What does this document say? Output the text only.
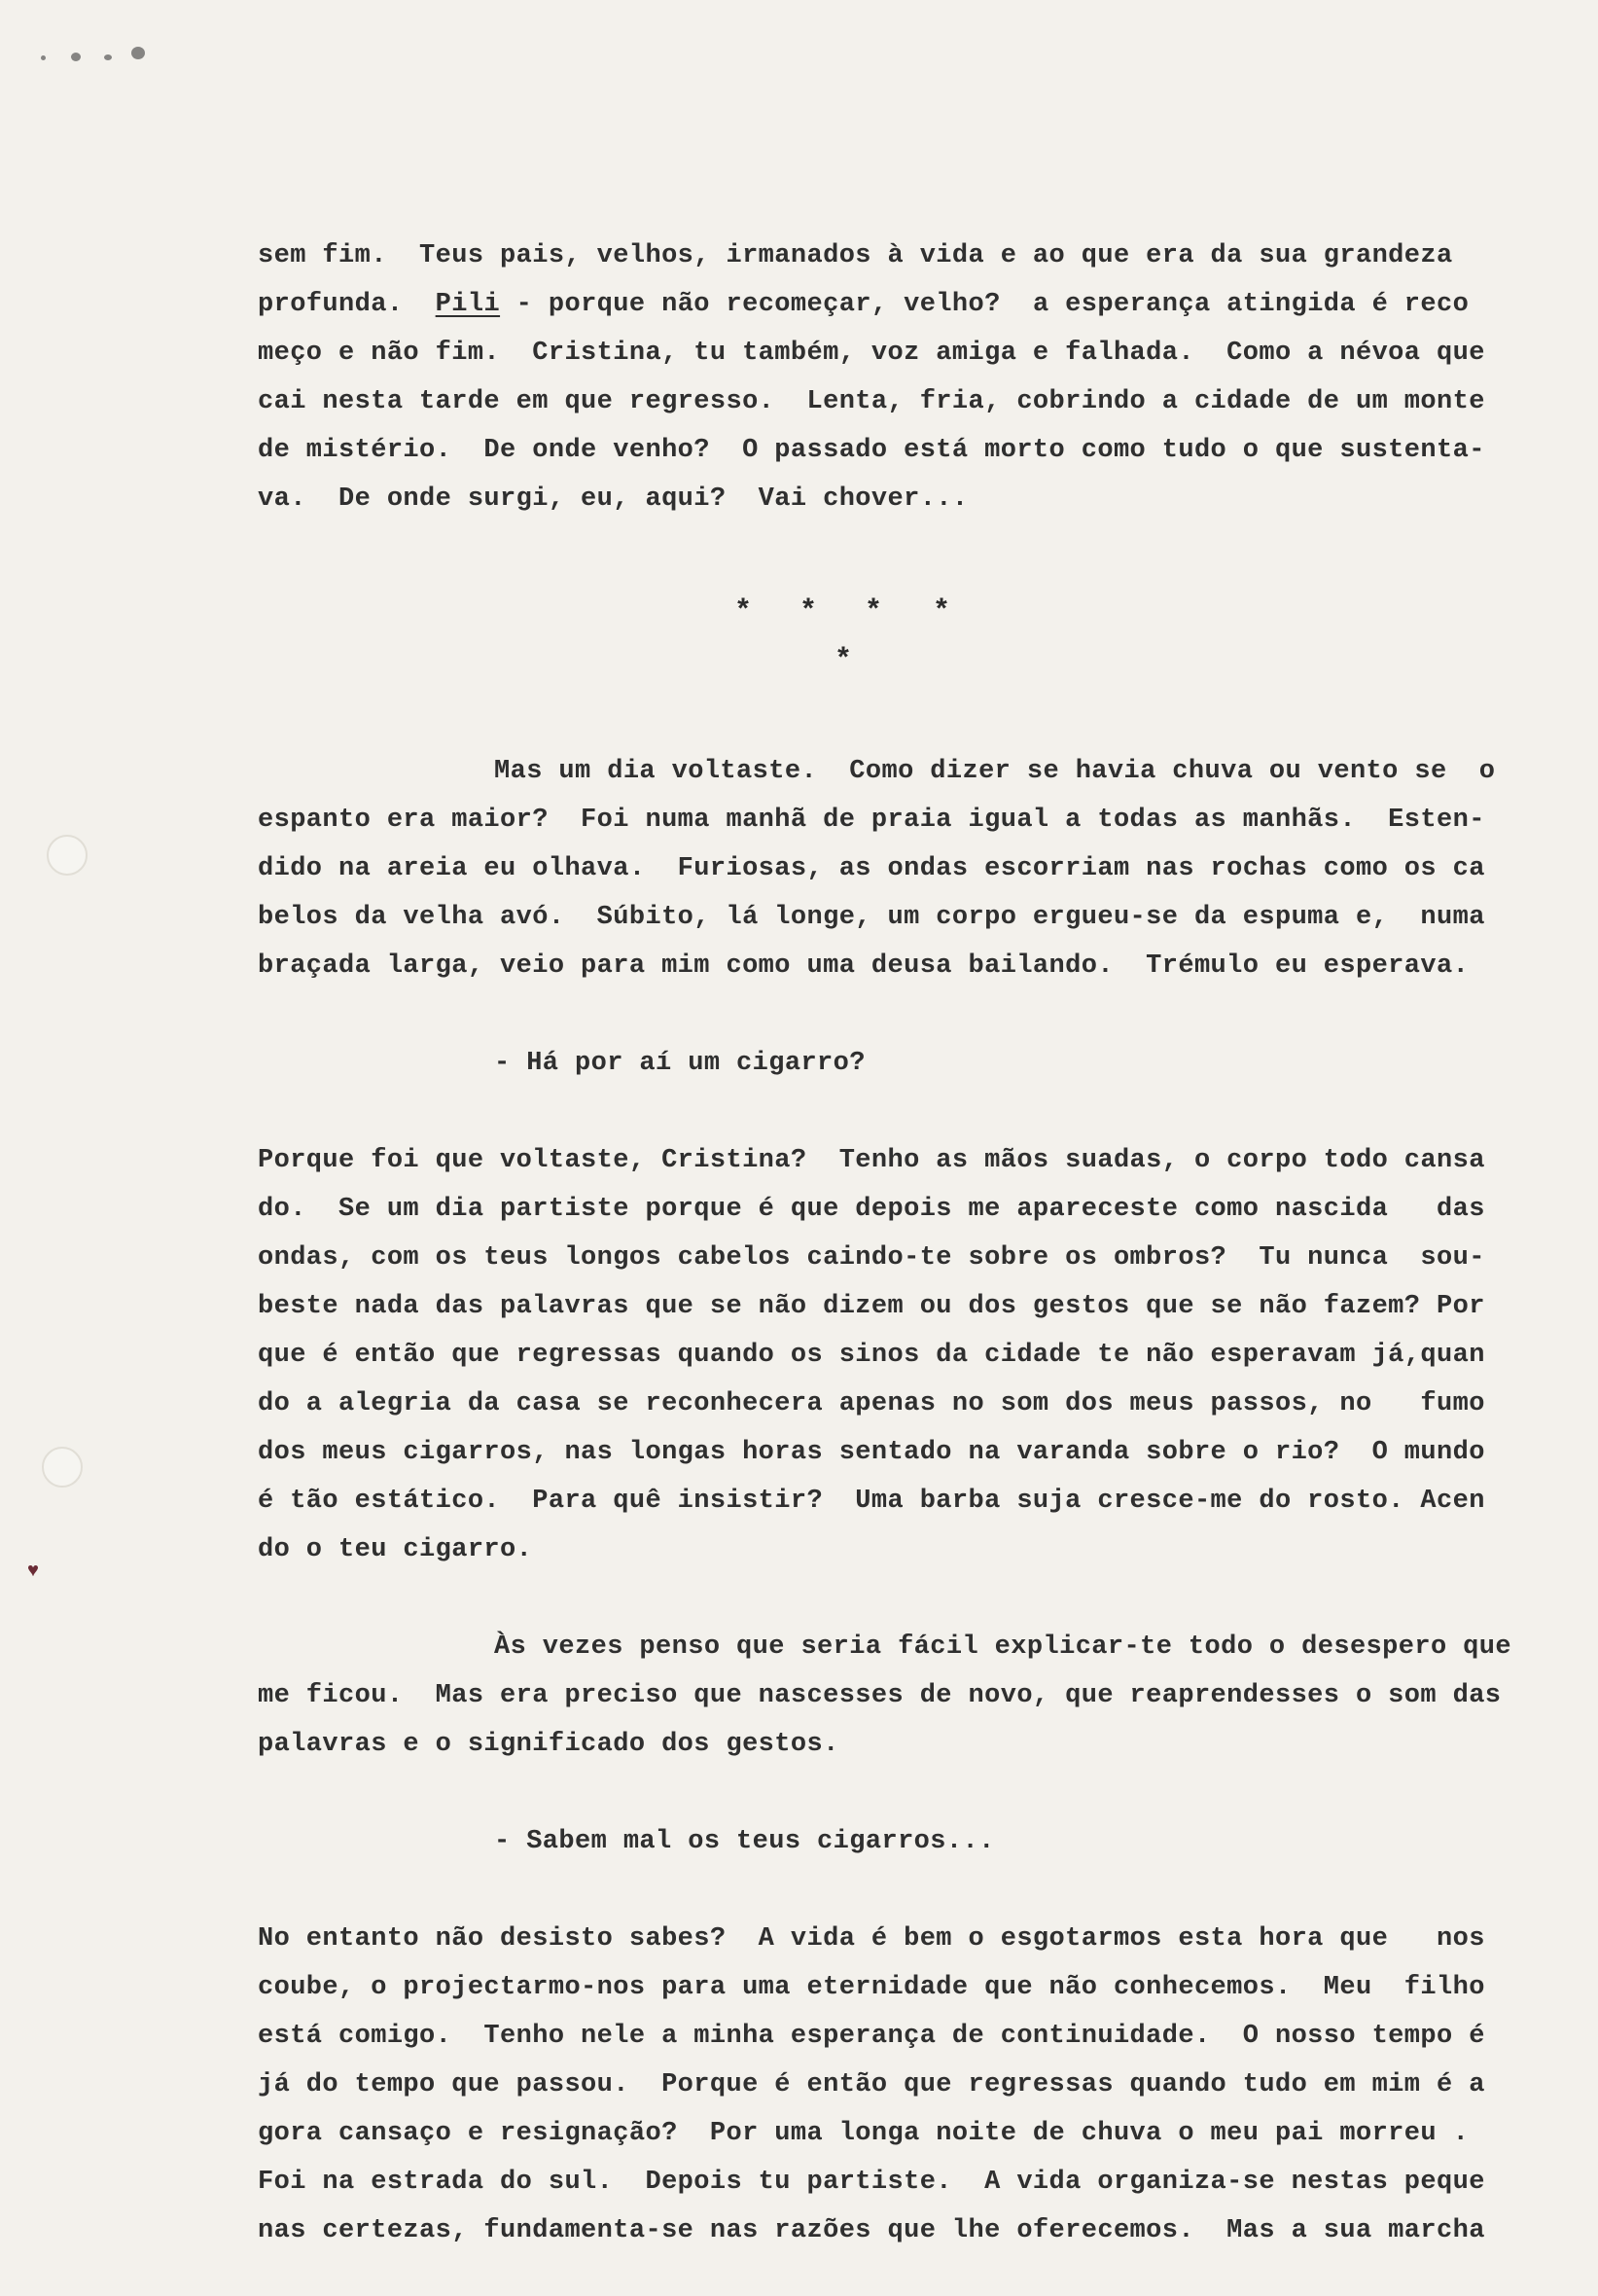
♥
sem fim.  Teus pais, velhos, irmanados à vida e ao que era da sua grandeza
profunda.  Pili - porque não recomeçar, velho?  a esperança atingida é reco
meço e não fim.  Cristina, tu também, voz amiga e falhada.  Como a névoa que
cai nesta tarde em que regresso.  Lenta, fria, cobrindo a cidade de um monte
de mistério.  De onde venho?  O passado está morto como tudo o que sustenta-
va.  De onde surgi, eu, aqui?  Vai chover...
* * * *
*
Mas um dia voltaste.  Como dizer se havia chuva ou vento se  o
espanto era maior?  Foi numa manhã de praia igual a todas as manhãs.  Esten-
dido na areia eu olhava.  Furiosas, as ondas escorriam nas rochas como os ca
belos da velha avó.  Súbito, lá longe, um corpo ergueu-se da espuma e,  numa
braçada larga, veio para mim como uma deusa bailando.  Trémulo eu esperava.
- Há por aí um cigarro?
Porque foi que voltaste, Cristina?  Tenho as mãos suadas, o corpo todo cansa
do.  Se um dia partiste porque é que depois me apareceste como nascida   das
ondas, com os teus longos cabelos caindo-te sobre os ombros?  Tu nunca  sou-
beste nada das palavras que se não dizem ou dos gestos que se não fazem? Por
que é então que regressas quando os sinos da cidade te não esperavam já,quan
do a alegria da casa se reconhecera apenas no som dos meus passos, no   fumo
dos meus cigarros, nas longas horas sentado na varanda sobre o rio?  O mundo
é tão estático.  Para quê insistir?  Uma barba suja cresce-me do rosto. Acen
do o teu cigarro.
Às vezes penso que seria fácil explicar-te todo o desespero que
me ficou.  Mas era preciso que nascesses de novo, que reaprendesses o som das
palavras e o significado dos gestos.
- Sabem mal os teus cigarros...
No entanto não desisto sabes?  A vida é bem o esgotarmos esta hora que   nos
coube, o projectarmo-nos para uma eternidade que não conhecemos.  Meu  filho
está comigo.  Tenho nele a minha esperança de continuidade.  O nosso tempo é
já do tempo que passou.  Porque é então que regressas quando tudo em mim é a
gora cansaço e resignação?  Por uma longa noite de chuva o meu pai morreu .
Foi na estrada do sul.  Depois tu partiste.  A vida organiza-se nestas peque
nas certezas, fundamenta-se nas razões que lhe oferecemos.  Mas a sua marcha
